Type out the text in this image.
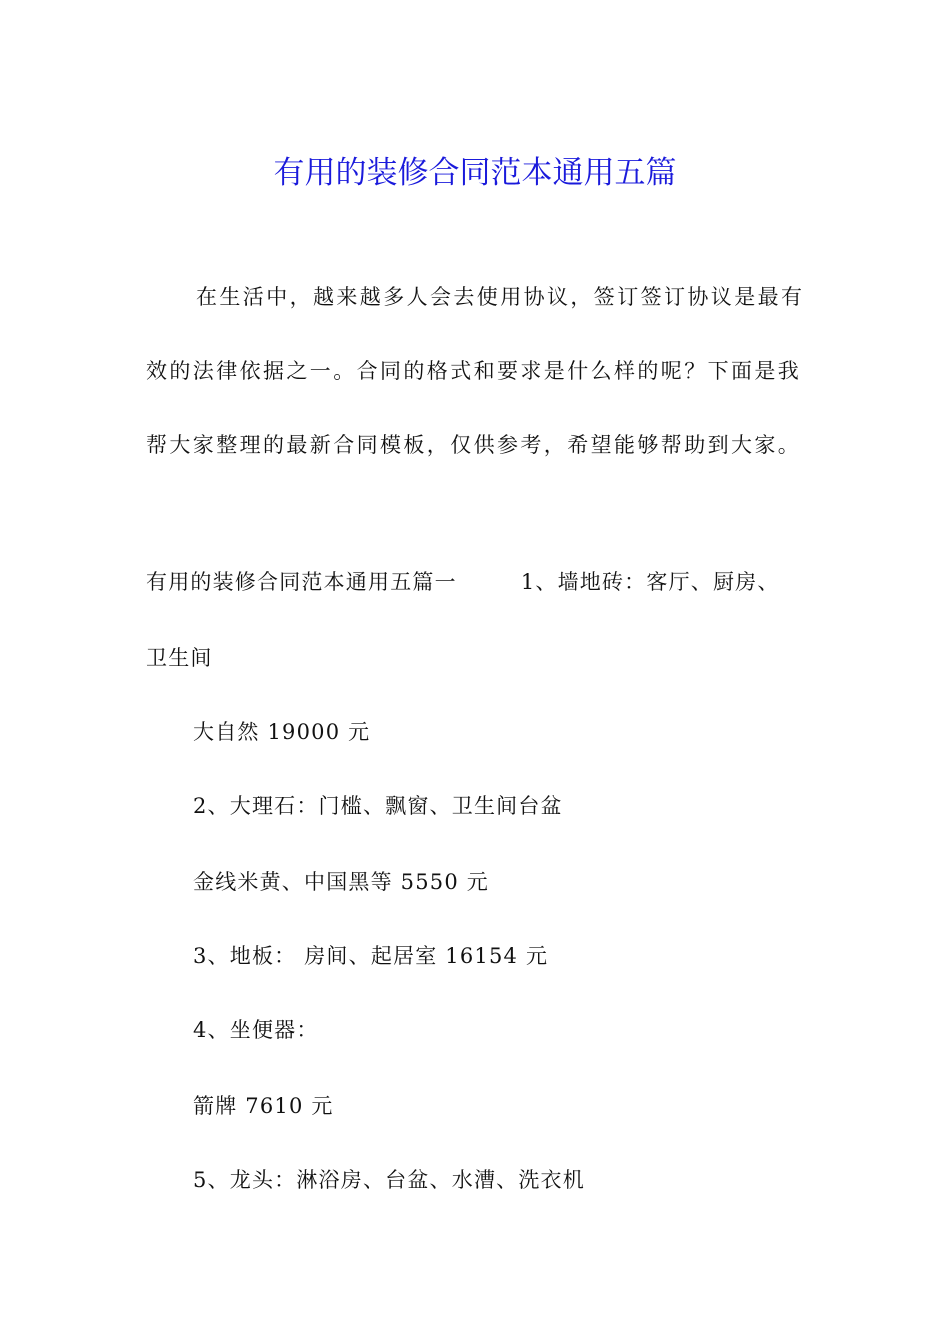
有用的装修合同范本通用五篇

在生活中，越来越多人会去使用协议，签订签订协议是最有效的法律依据之一。合同的格式和要求是什么样的呢？下面是我帮大家整理的最新合同模板，仅供参考，希望能够帮助到大家。

有用的装修合同范本通用五篇一	1、墙地砖：客厅、厨房、

卫生间

大自然 19000 元

2、大理石：门槛、飘窗、卫生间台盆

金线米黄、中国黑等 5550 元

3、地板： 房间、起居室 16154 元

4、坐便器：

箭牌 7610 元

5、龙头：淋浴房、台盆、水漕、洗衣机
